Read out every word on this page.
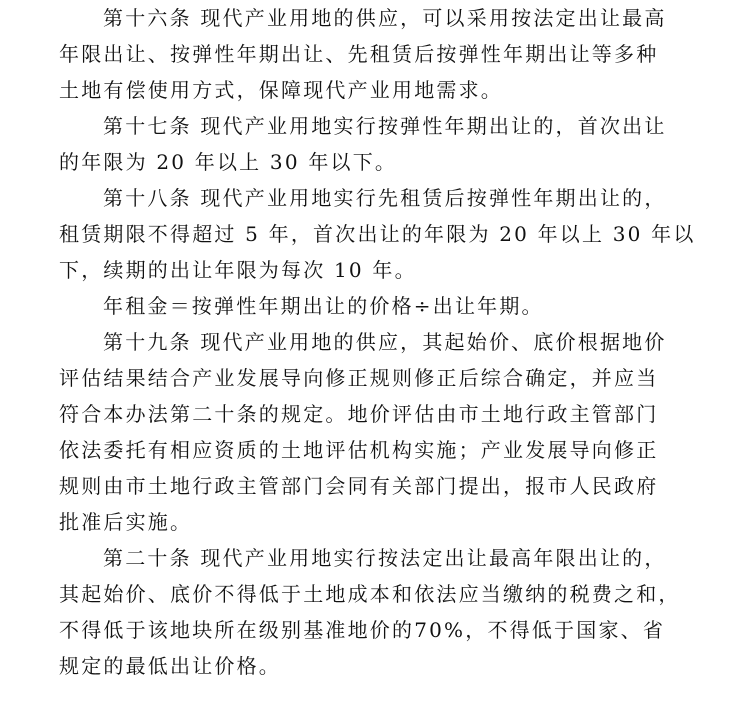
第十六条 现代产业用地的供应，可以采用按法定出让最高
年限出让、按弹性年期出让、先租赁后按弹性年期出让等多种
土地有偿使用方式，保障现代产业用地需求。

第十七条 现代产业用地实行按弹性年期出让的，首次出让
的年限为 20 年以上 30 年以下。

第十八条 现代产业用地实行先租赁后按弹性年期出让的，
租赁期限不得超过 5 年，首次出让的年限为 20 年以上 30 年以
下，续期的出让年限为每次 10 年。

年租金＝按弹性年期出让的价格÷出让年期。

第十九条 现代产业用地的供应，其起始价、底价根据地价
评估结果结合产业发展导向修正规则修正后综合确定，并应当
符合本办法第二十条的规定。地价评估由市土地行政主管部门
依法委托有相应资质的土地评估机构实施；产业发展导向修正
规则由市土地行政主管部门会同有关部门提出，报市人民政府
批准后实施。

第二十条 现代产业用地实行按法定出让最高年限出让的，
其起始价、底价不得低于土地成本和依法应当缴纳的税费之和，
不得低于该地块所在级别基准地价的70%，不得低于国家、省
规定的最低出让价格。
